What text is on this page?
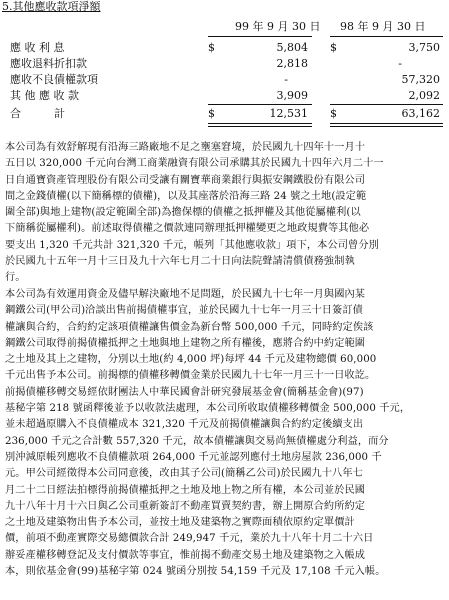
5.其他應收款項淨額
99 年 9 月 30 日 98 年 9 月 30 日
應 收 利 息	$	5,804 $	3,750
應收退料折扣款	2,818	-
應收不良債權款項	-	57,320
其 他 應 收 款	3,909	2,092
合　　　計	$	12,531 $	63,162
本公司為有效舒解現有沿海三路廠地不足之壅塞窘境，於民國九十四年十一月十
五日以 320,000 千元向台灣工商業融資有限公司承購其於民國九十四年六月二十一
日自通寶資產管理股份有限公司受讓有關寶華商業銀行與振安鋼鐵股份有限公司
間之金錢債權(以下簡稱標的債權)，以及其座落於沿海三路 24 號之土地(設定範
圍全部)與地上建物(設定範圍全部)為擔保標的債權之抵押權及其他從屬權利(以
下簡稱從屬權利)。前述取得債權之價款連同辦理抵押權變更之地政規費等其他必
要支出 1,320 千元共計 321,320 千元，帳列「其他應收款」項下，本公司曾分別
於民國九十五年一月十三日及九十六年七月二十日向法院聲請清償債務強制執
行。
本公司為有效運用資金及儘早解決廠地不足問題，於民國九十七年一月與國內某
鋼鐵公司(甲公司)洽談出售前揭債權事宜，並於民國九十七年一月三十日簽訂債
權讓與合約，合約約定該項債權讓售價金為新台幣 500,000 千元，同時約定俟該
鋼鐵公司取得前揭債權抵押之土地與地上建物之所有權後，應將合約中約定範圍
之土地及其上之建物，分別以土地(約 4,000 坪)每坪 44 千元及建物總價 60,000
千元出售予本公司。前揭標的債權移轉價金業於民國九十七年一月三十一日收訖。
前揭債權移轉交易經依財團法人中華民國會計研究發展基金會(簡稱基金會)(97)
基秘字第 218 號函釋後並予以收款法處理，本公司所收取債權移轉價金 500,000 千元，
並未超過原購入不良債權成本 321,320 千元及前揭債權讓與合約約定後續支出
236,000 千元之合計數 557,320 千元，故本債權讓與交易尚無債權處分利益，而分
別沖減原帳列應收不良債權款項 264,000 千元並認列應付土地房屋款 236,000 千
元。甲公司經徵得本公司同意後，改由其子公司(簡稱乙公司)於民國九十八年七
月二十二日經法拍標得前揭債權抵押之土地及地上物之所有權，本公司並於民國
九十八年十月十六日與乙公司重新簽訂不動產買賣契約書，辦上開原合約所約定
之土地及建築物出售予本公司，並按土地及建築物之實際面積依原約定單價計
價，前項不動產實際交易總價款合計 249,947 千元，業於九十八年十月二十六日
辦妥產權移轉登記及支付價款等事宜，惟前揭不動產交易土地及建築物之入帳成
本，則依基金會(99)基秘字第 024 號函分別按 54,159 千元及 17,108 千元入帳。
